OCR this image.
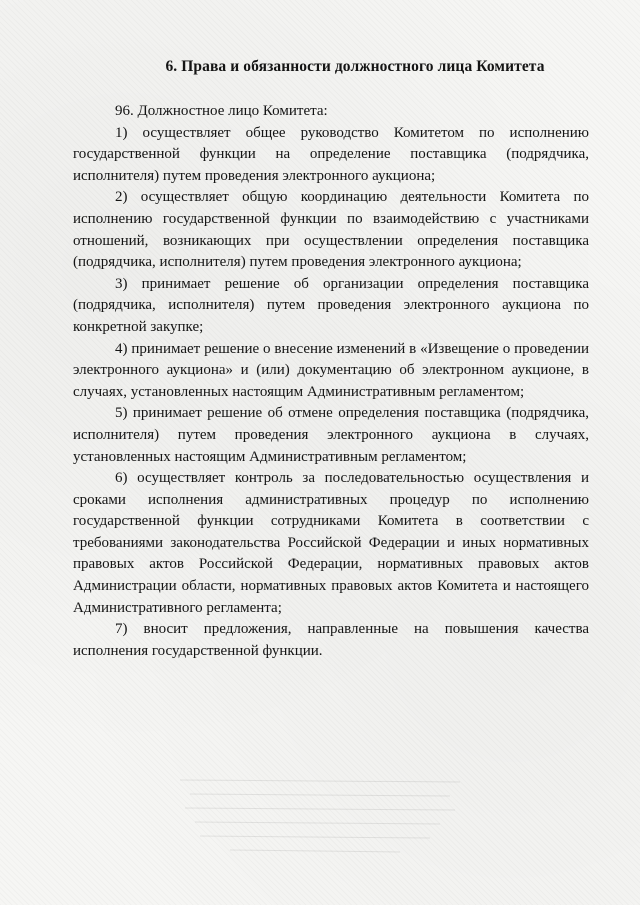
6. Права и обязанности должностного лица Комитета

96. Должностное лицо Комитета:

1) осуществляет общее руководство Комитетом по исполнению государственной функции на определение поставщика (подрядчика, исполнителя) путем проведения электронного аукциона;

2) осуществляет общую координацию деятельности Комитета по исполнению государственной функции по взаимодействию с участниками отношений, возникающих при осуществлении определения поставщика (подрядчика, исполнителя) путем проведения электронного аукциона;

3) принимает решение об организации определения поставщика (подрядчика, исполнителя) путем проведения электронного аукциона по конкретной закупке;

4) принимает решение о внесение изменений в «Извещение о проведении электронного аукциона» и (или) документацию об электронном аукционе, в случаях, установленных настоящим Административным регламентом;

5) принимает решение об отмене определения поставщика (подрядчика, исполнителя) путем проведения электронного аукциона в случаях, установленных настоящим Административным регламентом;

6) осуществляет контроль за последовательностью осуществления и сроками исполнения административных процедур по исполнению государственной функции сотрудниками Комитета в соответствии с требованиями законодательства Российской Федерации и иных нормативных правовых актов Российской Федерации, нормативных правовых актов Администрации области, нормативных правовых актов Комитета и настоящего Административного регламента;

7) вносит предложения, направленные на повышения качества исполнения государственной функции.
